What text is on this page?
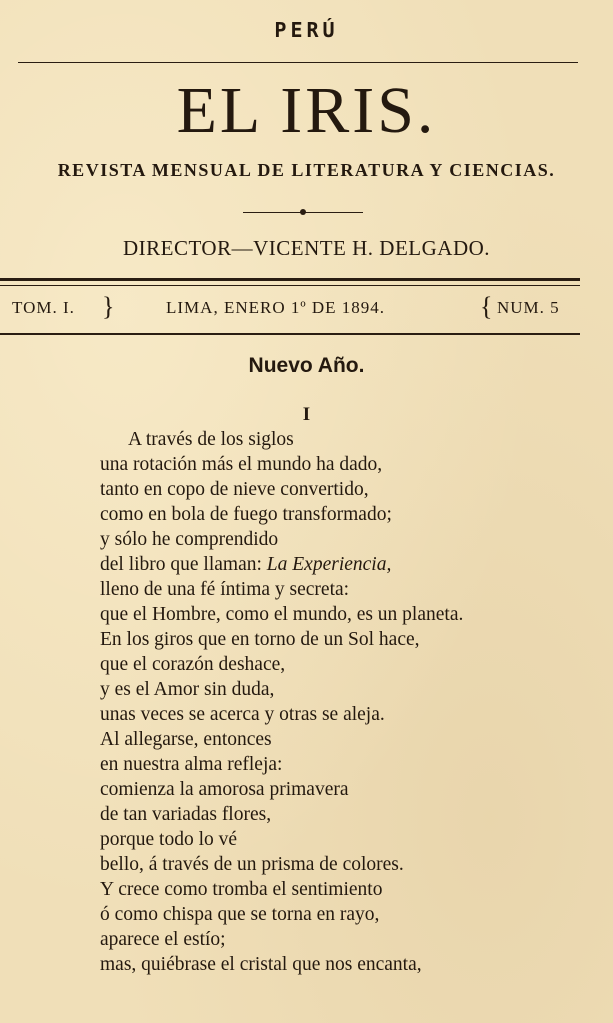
PERÚ
EL IRIS.
REVISTA MENSUAL DE LITERATURA Y CIENCIAS.
DIRECTOR—VICENTE H. DELGADO.
TOM. I. }	LIMA, ENERO 1º DE 1894.	{ NUM. 5
Nuevo Año.
I
A través de los siglos
una rotación más el mundo ha dado,
tanto en copo de nieve convertido,
como en bola de fuego transformado;
y sólo he comprendido
del libro que llaman: La Experiencia,
lleno de una fé íntima y secreta:
que el Hombre, como el mundo, es un planeta.
En los giros que en torno de un Sol hace,
que el corazón deshace,
y es el Amor sin duda,
unas veces se acerca y otras se aleja.
Al allegarse, entonces
en nuestra alma refleja:
comienza la amorosa primavera
de tan variadas flores,
porque todo lo vé
bello, á través de un prisma de colores.
Y crece como tromba el sentimiento
ó como chispa que se torna en rayo,
aparece el estío;
mas, quiébrase el cristal que nos encanta,
